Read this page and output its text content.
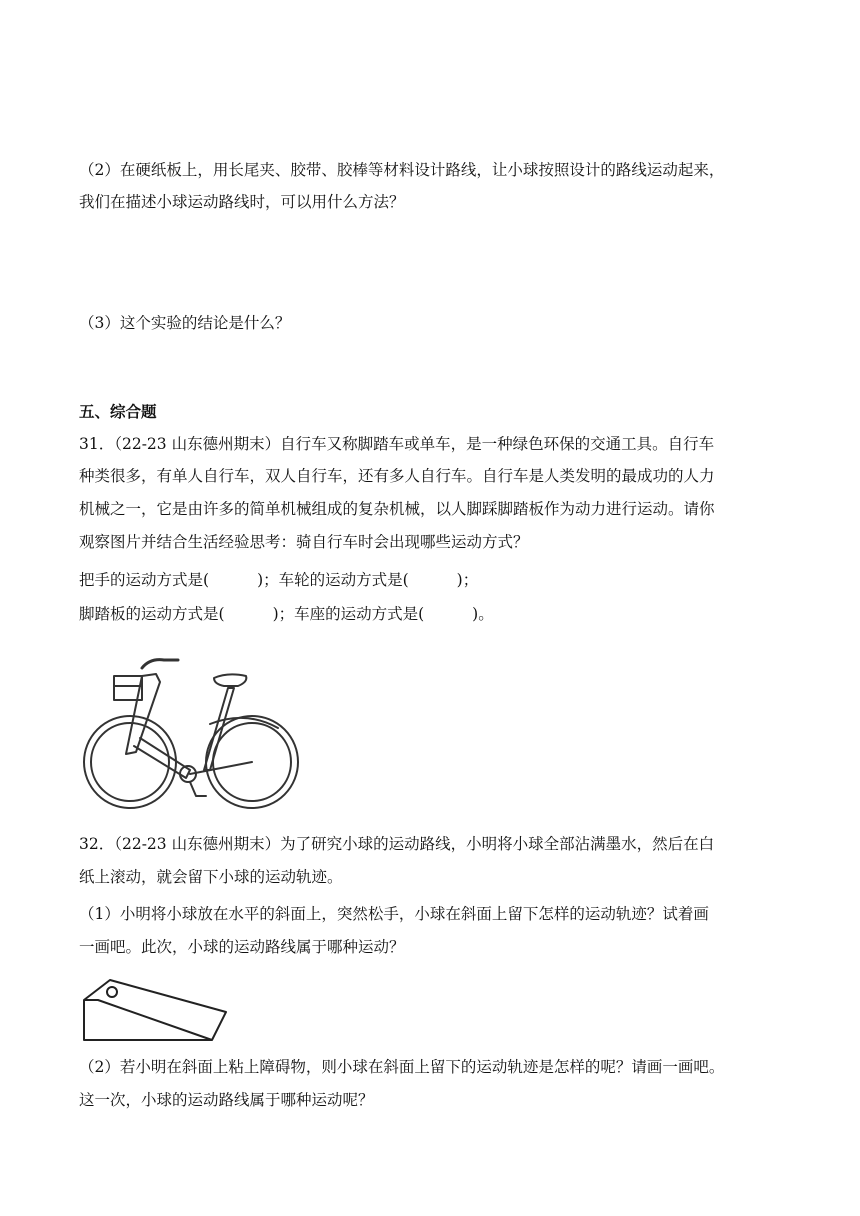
（2）在硬纸板上，用长尾夹、胶带、胶棒等材料设计路线，让小球按照设计的路线运动起来，
我们在描述小球运动路线时，可以用什么方法？
（3）这个实验的结论是什么？
五、综合题
31．（22-23 山东德州期末）自行车又称脚踏车或单车，是一种绿色环保的交通工具。自行车
种类很多，有单人自行车，双人自行车，还有多人自行车。自行车是人类发明的最成功的人力
机械之一，它是由许多的简单机械组成的复杂机械，以人脚踩脚踏板作为动力进行运动。请你
观察图片并结合生活经验思考：骑自行车时会出现哪些运动方式？
把手的运动方式是(	)；车轮的运动方式是(	)；
脚踏板的运动方式是(	)；车座的运动方式是(	)。
32．（22-23 山东德州期末）为了研究小球的运动路线，小明将小球全部沾满墨水，然后在白
纸上滚动，就会留下小球的运动轨迹。
（1）小明将小球放在水平的斜面上，突然松手，小球在斜面上留下怎样的运动轨迹？试着画
一画吧。此次，小球的运动路线属于哪种运动？
（2）若小明在斜面上粘上障碍物，则小球在斜面上留下的运动轨迹是怎样的呢？请画一画吧。
这一次，小球的运动路线属于哪种运动呢？
